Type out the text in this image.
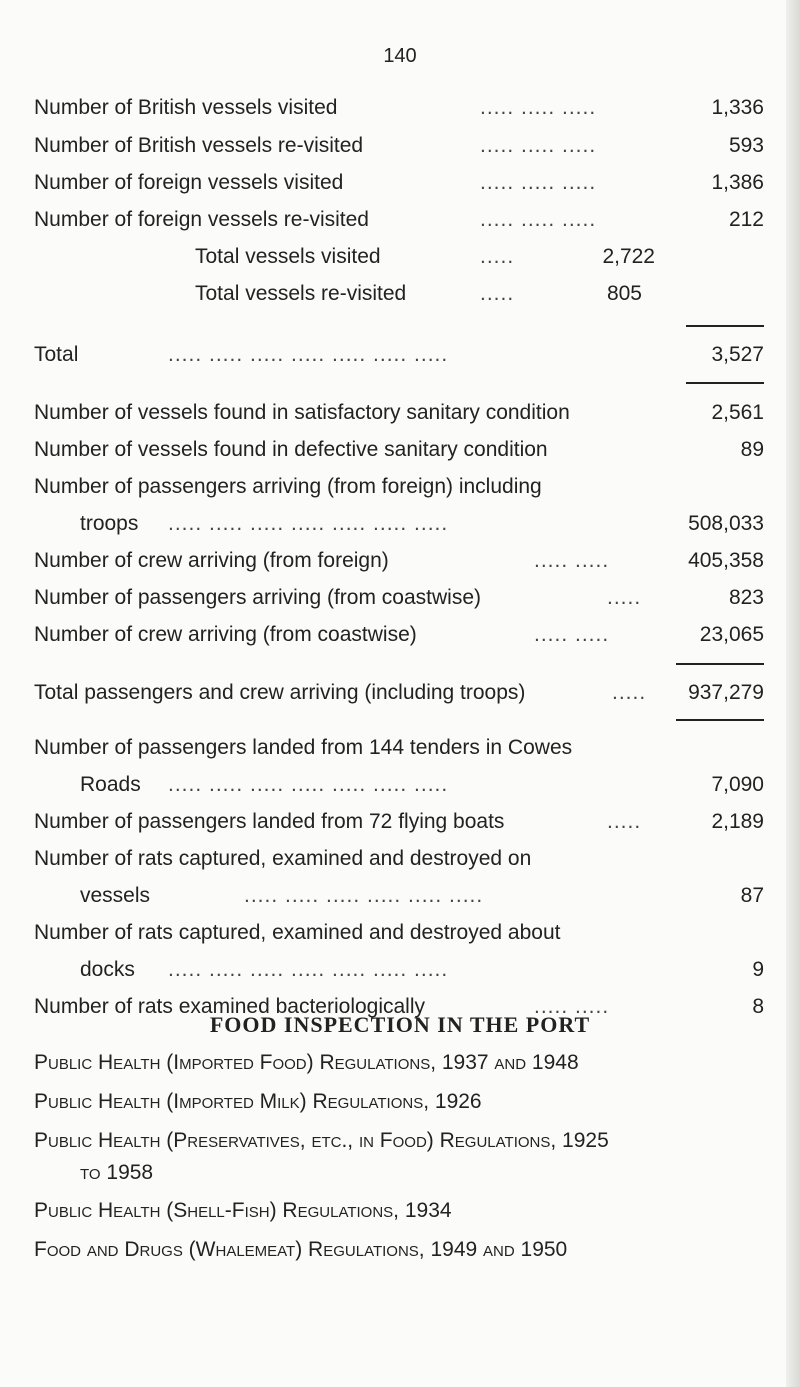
140
Number of British vessels visited	..... ..... .....	1,336
Number of British vessels re-visited	..... ..... .....	593
Number of foreign vessels visited	..... ..... .....	1,386
Number of foreign vessels re-visited	..... ..... .....	212
Total vessels visited	.....	2,722
Total vessels re-visited	.....	805
Total	..... ..... ..... ..... ..... ..... .....	3,527
Number of vessels found in satisfactory sanitary condition	2,561
Number of vessels found in defective sanitary condition	89
Number of passengers arriving (from foreign) including
troops ..... ..... ..... ..... ..... ..... .....	508,033
Number of crew arriving (from foreign)	..... .....	405,358
Number of passengers arriving (from coastwise)	.....	823
Number of crew arriving (from coastwise)	..... .....	23,065
Total passengers and crew arriving (including troops)	..... 937,279
Number of passengers landed from 144 tenders in Cowes
Roads ..... ..... ..... ..... ..... ..... .....	7,090
Number of passengers landed from 72 flying boats	.....	2,189
Number of rats captured, examined and destroyed on
vessels	..... ..... ..... ..... ..... .....	87
Number of rats captured, examined and destroyed about
docks ..... ..... ..... ..... ..... ..... .....	9
Number of rats examined bacteriologically	..... .....	8
FOOD INSPECTION IN THE PORT
Public Health (Imported Food) Regulations, 1937 and 1948
Public Health (Imported Milk) Regulations, 1926
Public Health (Preservatives, etc., in Food) Regulations, 1925
to 1958
Public Health (Shell-Fish) Regulations, 1934
Food and Drugs (Whalemeat) Regulations, 1949 and 1950
